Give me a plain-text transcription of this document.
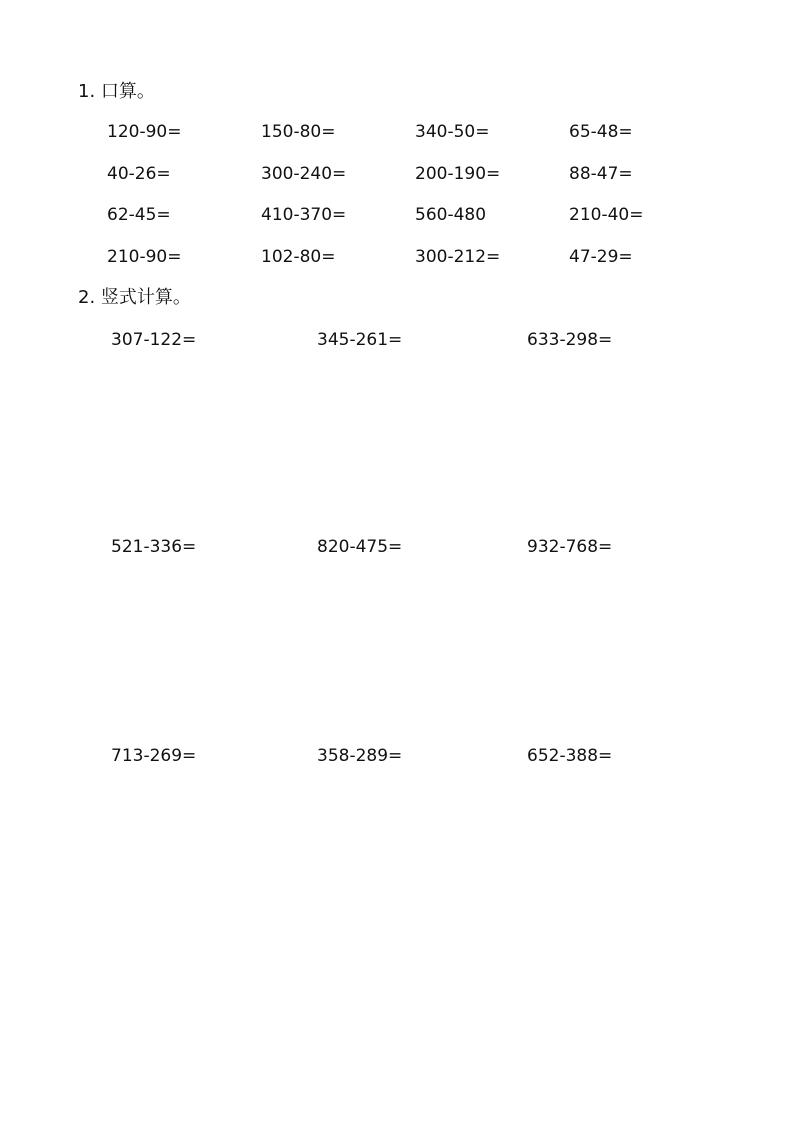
1. 口算。
120-90=	150-80=	340-50=	65-48=
40-26=	300-240=	200-190=	88-47=
62-45=	410-370=	560-480	210-40=
210-90=	102-80=	300-212=	47-29=
2. 竖式计算。
307-122=	345-261=	633-298=
521-336=	820-475=	932-768=
713-269=	358-289=	652-388=
